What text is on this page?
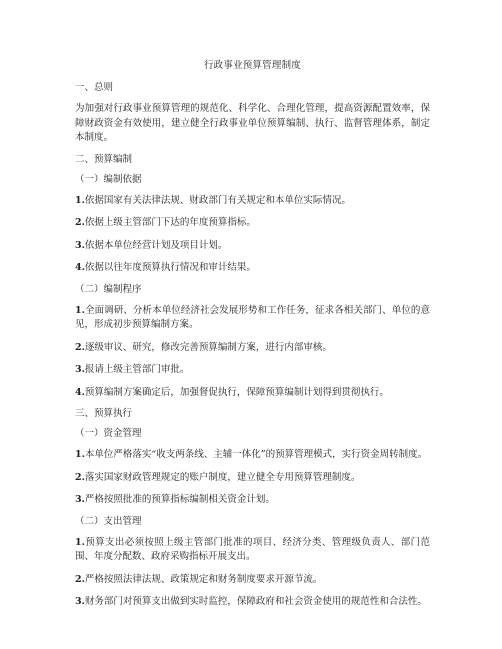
行政事业预算管理制度
一、总则
为加强对行政事业预算管理的规范化、科学化、合理化管理，提高资源配置效率，保障财政资金有效使用，建立健全行政事业单位预算编制、执行、监督管理体系，制定本制度。
二、预算编制
（一）编制依据
1.依据国家有关法律法规、财政部门有关规定和本单位实际情况。
2.依据上级主管部门下达的年度预算指标。
3.依据本单位经营计划及项目计划。
4.依据以往年度预算执行情况和审计结果。
（二）编制程序
1.全面调研、分析本单位经济社会发展形势和工作任务，征求各相关部门、单位的意见，形成初步预算编制方案。
2.逐级审议、研究，修改完善预算编制方案，进行内部审核。
3.报请上级主管部门审批。
4.预算编制方案确定后，加强督促执行，保障预算编制计划得到贯彻执行。
三、预算执行
（一）资金管理
1.本单位严格落实“收支两条线、主辅一体化”的预算管理模式，实行资金周转制度。
2.落实国家财政管理规定的账户制度，建立健全专用预算管理制度。
3.严格按照批准的预算指标编制相关资金计划。
（二）支出管理
1.预算支出必须按照上级主管部门批准的项目、经济分类、管理级负责人、部门范围、年度分配数、政府采购指标开展支出。
2.严格按照法律法规、政策规定和财务制度要求开源节流。
3.财务部门对预算支出做到实时监控，保障政府和社会资金使用的规范性和合法性。
